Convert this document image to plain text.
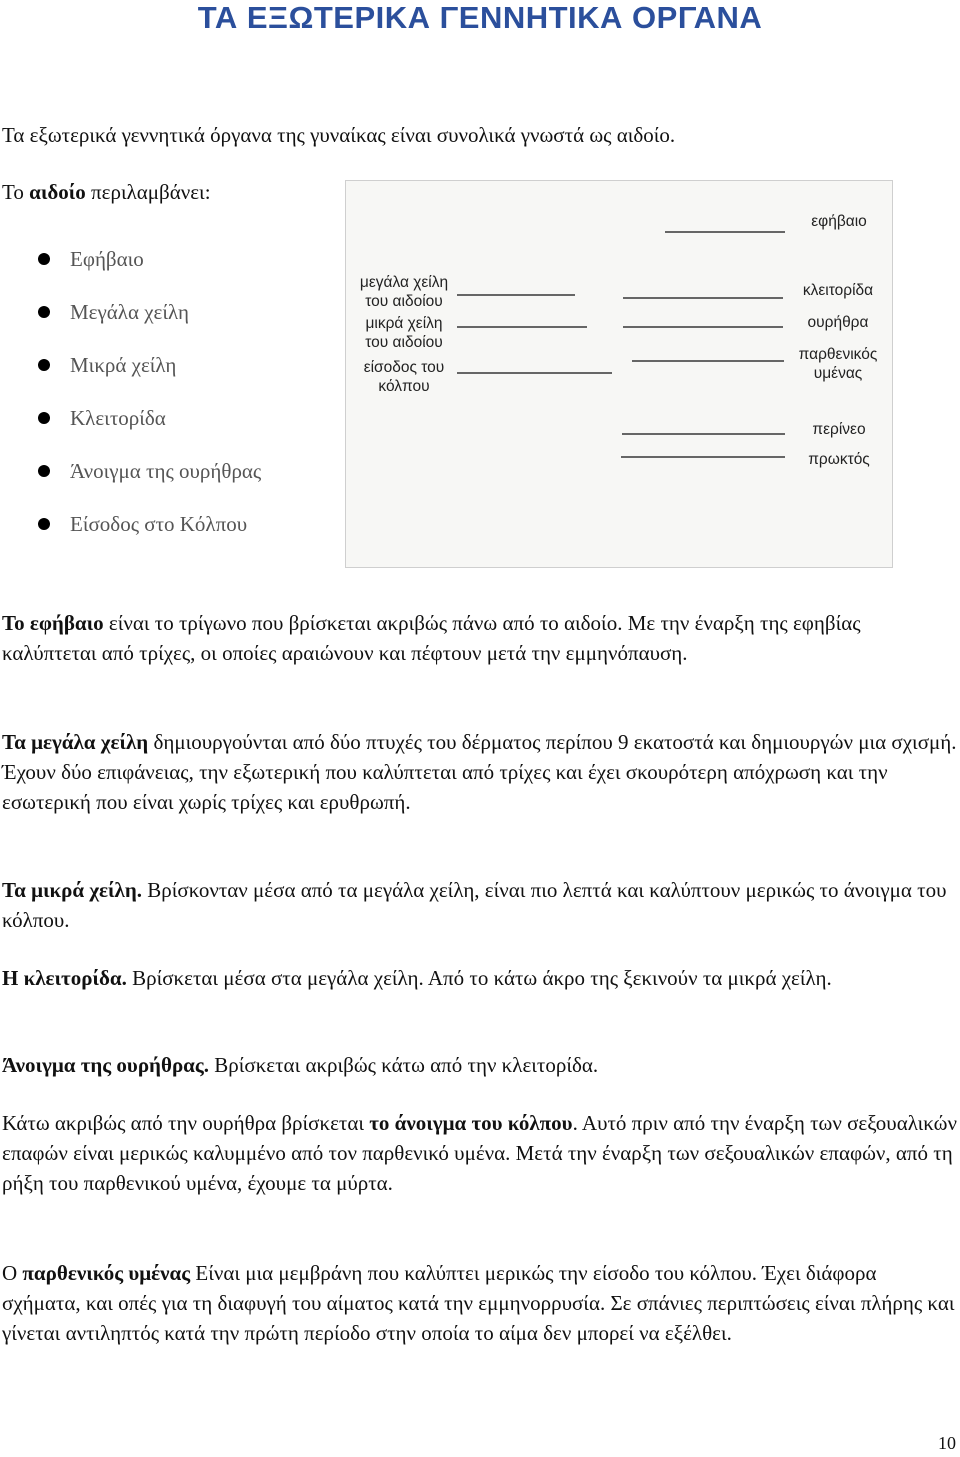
ΤΑ ΕΞΩΤΕΡΙΚΑ ΓΕΝΝΗΤΙΚΑ ΟΡΓΑΝΑ

Τα εξωτερικά γεννητικά όργανα της γυναίκας είναι συνολικά γνωστά ως αιδοίο.

Το αιδοίο περιλαμβάνει:

Εφήβαιο
Μεγάλα χείλη
Μικρά χείλη
Κλειτορίδα
Άνοιγμα της ουρήθρας
Είσοδος στο Κόλπου
μεγάλα χείλη
του αιδοίου
μικρά χείλη
του αιδοίου
είσοδος του
κόλπου
εφήβαιο
κλειτορίδα
ουρήθρα
παρθενικός
υμένας
περίνεο
πρωκτός

Το εφήβαιο είναι το τρίγωνο που βρίσκεται ακριβώς πάνω από το αιδοίο. Με την έναρξη της εφηβίας καλύπτεται από τρίχες, οι οποίες αραιώνουν και πέφτουν μετά την εμμηνόπαυση.

Τα μεγάλα χείλη δημιουργούνται από δύο πτυχές του δέρματος περίπου 9 εκατοστά και δημιουργών μια σχισμή. Έχουν δύο επιφάνειας, την εξωτερική που καλύπτεται από τρίχες και έχει σκουρότερη απόχρωση και την εσωτερική που είναι χωρίς τρίχες και ερυθρωπή.

Τα μικρά χείλη. Βρίσκονταν μέσα από τα μεγάλα χείλη, είναι πιο λεπτά και καλύπτουν μερικώς το άνοιγμα του κόλπου.

Η κλειτορίδα. Βρίσκεται μέσα στα μεγάλα χείλη. Από το κάτω άκρο της ξεκινούν τα μικρά χείλη.

Άνοιγμα της ουρήθρας. Βρίσκεται ακριβώς κάτω από την κλειτορίδα.

Κάτω ακριβώς από την ουρήθρα βρίσκεται το άνοιγμα του κόλπου. Αυτό πριν από την έναρξη των σεξουαλικών επαφών είναι μερικώς καλυμμένο από τον παρθενικό υμένα. Μετά την έναρξη των σεξουαλικών επαφών, από τη ρήξη του παρθενικού υμένα, έχουμε τα μύρτα.

Ο παρθενικός υμένας Είναι μια μεμβράνη που καλύπτει μερικώς την είσοδο του κόλπου. Έχει διάφορα σχήματα, και οπές για τη διαφυγή του αίματος κατά την εμμηνορρυσία. Σε σπάνιες περιπτώσεις είναι πλήρης και γίνεται αντιληπτός κατά την πρώτη περίοδο στην οποία το αίμα δεν μπορεί να εξέλθει.

10
